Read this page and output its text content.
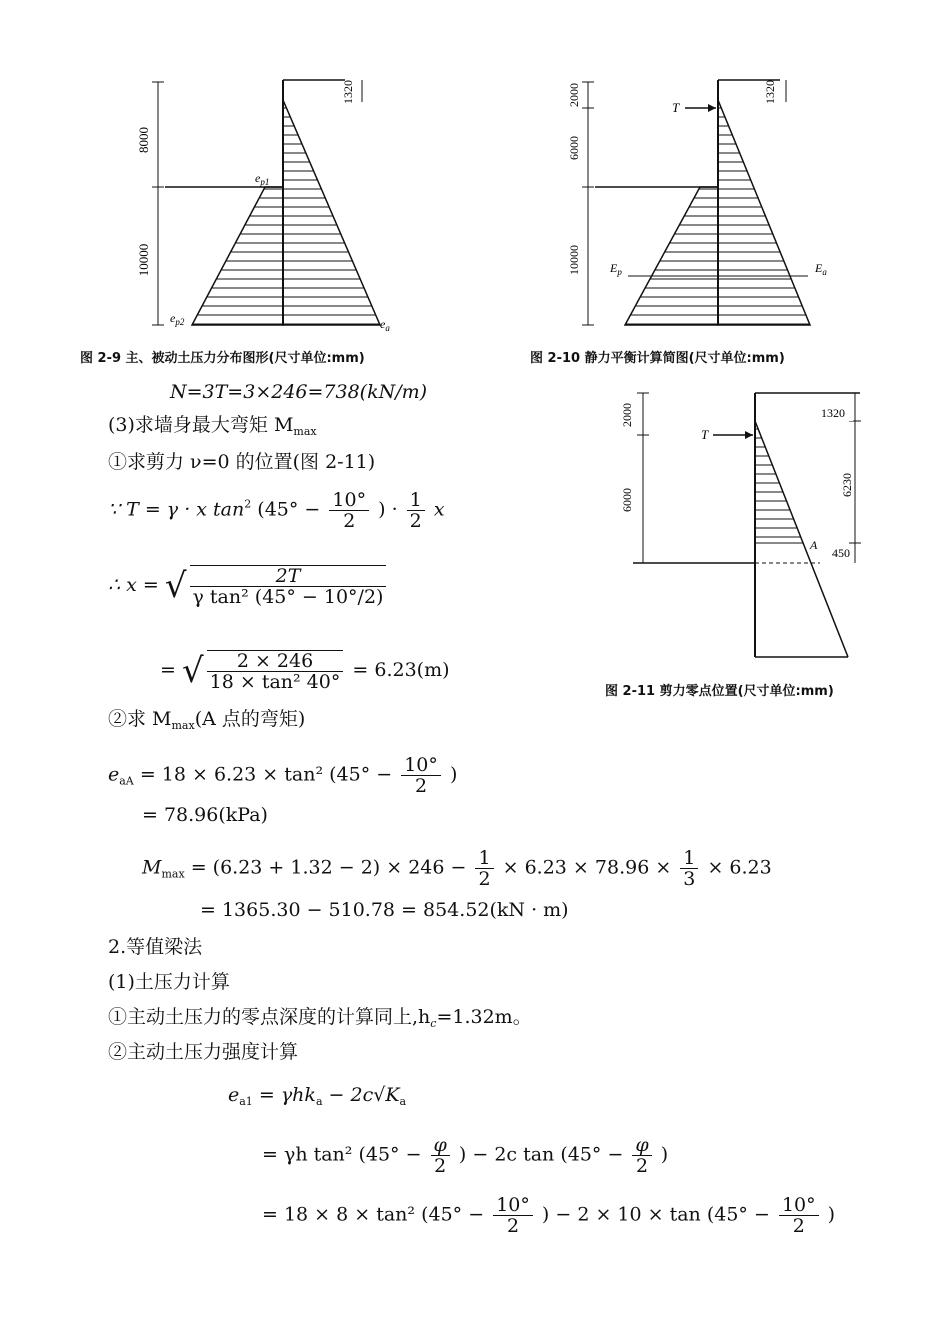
8000
10000
1320
$e_{p1}$
$e_{p2}$	$e_a$
图 2-9 主、被动土压力分布图形(尺寸单位:mm)
2000
6000
10000
1320
T
$E_p$	$E_a$
图 2-10 静力平衡计算简图(尺寸单位:mm)
2000
6000
1320
6230
450
T
A
图 2-11 剪力零点位置(尺寸单位:mm)
N=3T=3×246=738(kN/m)
(3)求墙身最大弯矩 $M_{max}$
①求剪力 ν=0 的位置(图 2-11)
∵ T = γ · x $\tan^2 (45^\circ - \frac{10^\circ}{2}$ ) · $\frac{1}{2}$ x
∴ x = √ $\frac{2T}{\text{γ tan² (45° − 10°/2)}}$
= √ $\frac{2 \times 246}{\text{18 × tan² 40°}} = 6.23(m)$
②求 $M_{max}(A$ 点的弯矩)
$e_{aA} = 18 \times 6.23 \times \tan^2$ ($45^\circ - \frac{10^\circ}{2}$ )
= 78.96(kPa)
$M_{max} = (6.23 + 1.32 - 2) \times 246 - \frac{1}{2} \times 6.23 \times 78.96 \times \frac{1}{3} \times 6.23$
= 1365.30 − 510.78 = 854.52(kN · m)
2.等值梁法
(1)土压力计算
①主动土压力的零点深度的计算同上$,h_c=1.32m$。
②主动土压力强度计算
$e_{a1} = \gamma hk_a - 2c√K_a$
= γh tan² ($45^\circ - \frac{\varphi}{2}$ ) − 2c $\tan (45^\circ - \frac{\varphi}{2}$ )
= 18 × 8 × tan² ($45^\circ - \frac{10^\circ}{2}$ ) − $2 \times 10 \times \tan (45^\circ - \frac{10^\circ}{2}$ )
